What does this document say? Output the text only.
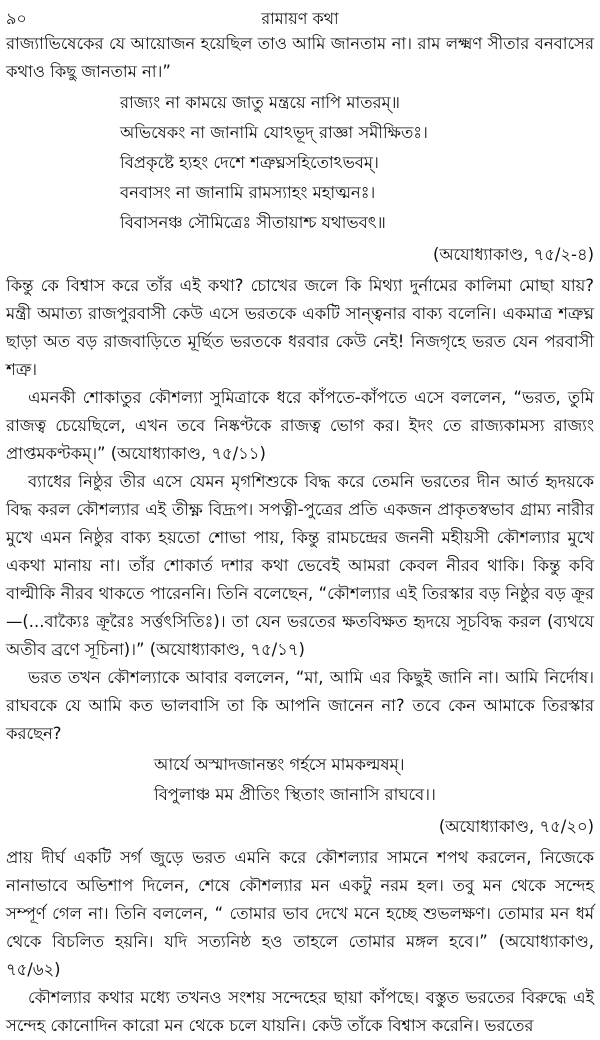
৯০	রামায়ণ কথা

রাজ্যাভিষেকের যে আয়োজন হয়েছিল তাও আমি জানতাম না। রাম লক্ষ্মণ সীতার বনবাসের কথাও কিছু জানতাম না।”

রাজ্যং না কাময়ে জাতু মন্ত্রয়ে নাপি মাতরম্॥
অভিষেকং না জানামি যোঽভূদ্ রাজ্ঞা সমীক্ষিতঃ।
বিপ্রকৃষ্টে হ্যহং দেশে শত্রুঘ্নসহিতোঽভবম্।
বনবাসং না জানামি রামস্যাহং মহাত্মনঃ।
বিবাসনঞ্চ সৌমিত্রেঃ সীতায়াশ্চ যথাভবৎ॥
(অযোধ্যাকাণ্ড, ৭৫/২-৪)

কিন্তু কে বিশ্বাস করে তাঁর এই কথা? চোখের জলে কি মিথ্যা দুর্নামের কালিমা মোছা যায়? মন্ত্রী অমাত্য রাজপুরবাসী কেউ এসে ভরতকে একটি সান্ত্বনার বাক্য বলেনি। একমাত্র শত্রুঘ্ন ছাড়া অত বড় রাজবাড়িতে মূর্ছিত ভরতকে ধরবার কেউ নেই! নিজগৃহে ভরত যেন পরবাসী শত্রু।

এমনকী শোকাতুর কৌশল্যা সুমিত্রাকে ধরে কাঁপতে-কাঁপতে এসে বললেন, “ভরত, তুমি রাজত্ব চেয়েছিলে, এখন তবে নিষ্কণ্টকে রাজত্ব ভোগ কর। ইদং তে রাজ্যকামস্য রাজ্যং প্রাপ্তমকণ্টকম্।” (অযোধ্যাকাণ্ড, ৭৫/১১)

ব্যাধের নিষ্ঠুর তীর এসে যেমন মৃগশিশুকে বিদ্ধ করে তেমনি ভরতের দীন আর্ত হৃদয়কে বিদ্ধ করল কৌশল্যার এই তীক্ষ্ণ বিদ্রূপ। সপত্নী-পুত্রের প্রতি একজন প্রাকৃতস্বভাব গ্রাম্য নারীর মুখে এমন নিষ্ঠুর বাক্য হয়তো শোভা পায়, কিন্তু রামচন্দ্রের জননী মহীয়সী কৌশল্যার মুখে একথা মানায় না। তাঁর শোকার্ত দশার কথা ভেবেই আমরা কেবল নীরব থাকি। কিন্তু কবি বাল্মীকি নীরব থাকতে পারেননি। তিনি বলেছেন, “কৌশল্যার এই তিরস্কার বড় নিষ্ঠুর বড় ক্রূর—(...বাক্যৈঃ ক্রূরৈঃ সর্ত্তৎসিতিঃ)। তা যেন ভরতের ক্ষতবিক্ষত হৃদয়ে সূচবিদ্ধ করল (ব্যথযে অতীব ব্রণে সূচিনা)।” (অযোধ্যাকাণ্ড, ৭৫/১৭)

ভরত তখন কৌশল্যাকে আবার বললেন, “মা, আমি এর কিছুই জানি না। আমি নির্দোষ। রাঘবকে যে আমি কত ভালবাসি তা কি আপনি জানেন না? তবে কেন আমাকে তিরস্কার করছেন?

আর্যে অস্মাদজানন্তং গর্হসে মামকল্মষম্।
বিপুলাঞ্চ মম প্রীতিং স্থিতাং জানাসি রাঘবে।।
(অযোধ্যাকাণ্ড, ৭৫/২০)

প্রায় দীর্ঘ একটি সর্গ জুড়ে ভরত এমনি করে কৌশল্যার সামনে শপথ করলেন, নিজেকে নানাভাবে অভিশাপ দিলেন, শেষে কৌশল্যার মন একটু নরম হল। তবু মন থেকে সন্দেহ সম্পূর্ণ গেল না। তিনি বললেন, “ তোমার ভাব দেখে মনে হচ্ছে শুভলক্ষণ। তোমার মন ধর্ম থেকে বিচলিত হয়নি। যদি সত্যনিষ্ঠ হও তাহলে তোমার মঙ্গল হবে।” (অযোধ্যাকাণ্ড, ৭৫/৬২)

কৌশল্যার কথার মধ্যে তখনও সংশয় সন্দেহের ছায়া কাঁপছে। বস্তুত ভরতের বিরুদ্ধে এই সন্দেহ কোনোদিন কারো মন থেকে চলে যায়নি। কেউ তাঁকে বিশ্বাস করেনি। ভরতের
